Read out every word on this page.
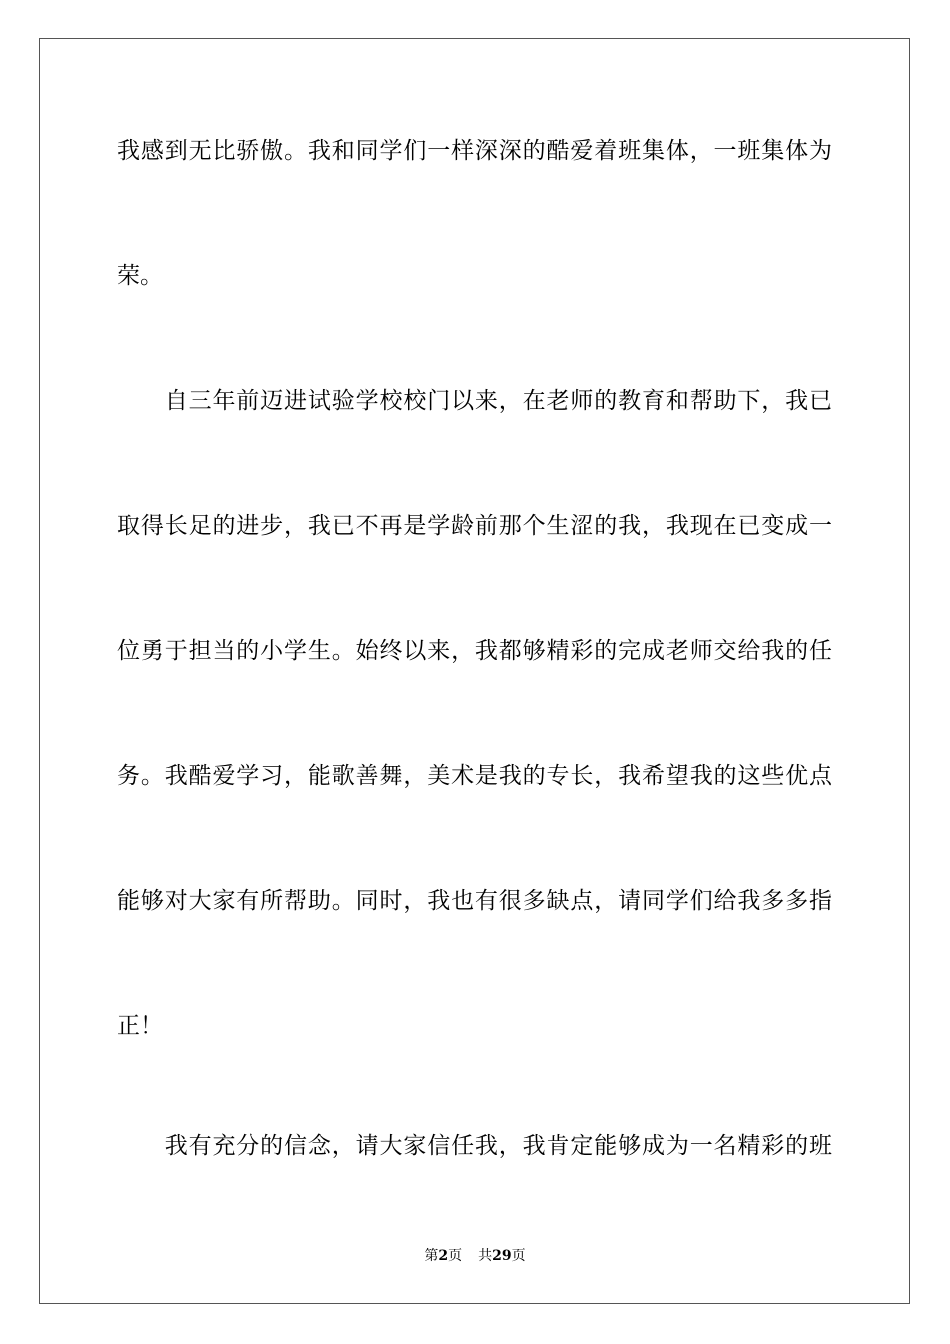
我感到无比骄傲。我和同学们一样深深的酷爱着班集体，一班集体为
荣。
　　自三年前迈进试验学校校门以来，在老师的教育和帮助下，我已
取得长足的进步，我已不再是学龄前那个生涩的我，我现在已变成一
位勇于担当的小学生。始终以来，我都够精彩的完成老师交给我的任
务。我酷爱学习，能歌善舞，美术是我的专长，我希望我的这些优点
能够对大家有所帮助。同时，我也有很多缺点，请同学们给我多多指
正！
　　我有充分的信念，请大家信任我，我肯定能够成为一名精彩的班
第2页 共29页
